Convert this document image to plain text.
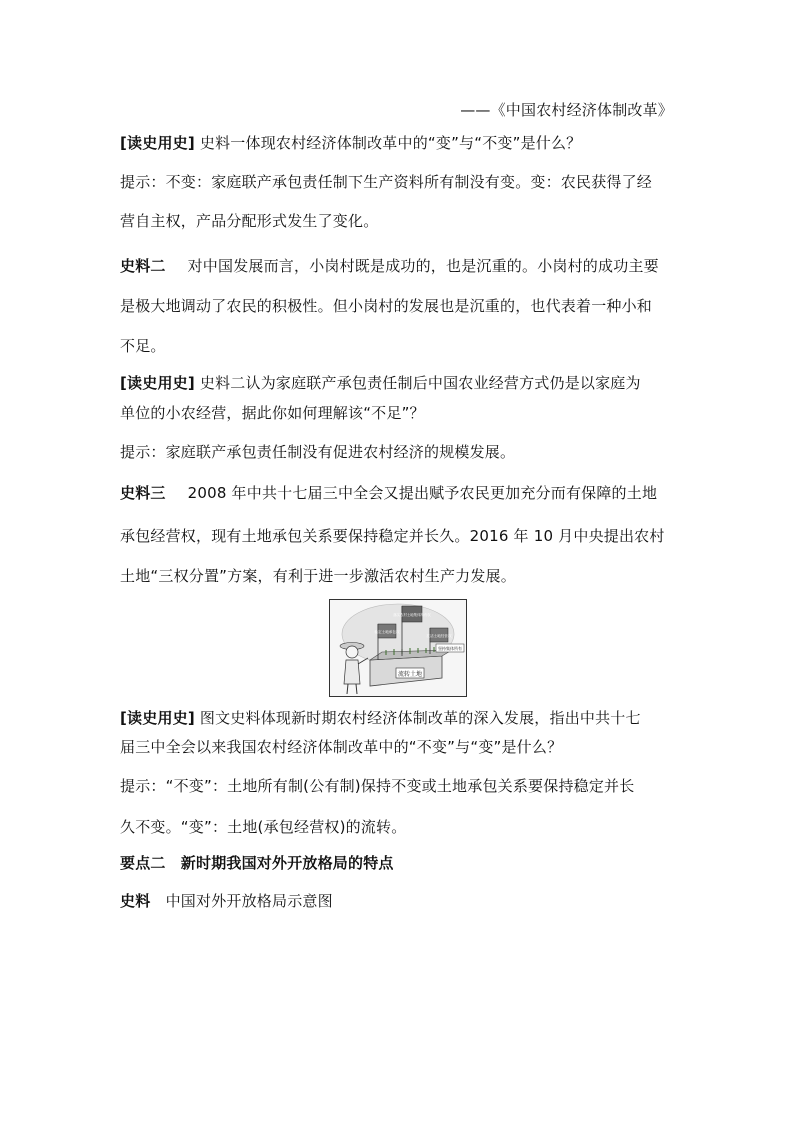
——《中国农村经济体制改革》
[读史用史] 史料一体现农村经济体制改革中的“变”与“不变”是什么？
提示：不变：家庭联产承包责任制下生产资料所有制没有变。变：农民获得了经
营自主权，产品分配形式发生了变化。
史料二 对中国发展而言，小岗村既是成功的，也是沉重的。小岗村的成功主要
是极大地调动了农民的积极性。但小岗村的发展也是沉重的，也代表着一种小和
不足。
[读史用史] 史料二认为家庭联产承包责任制后中国农业经营方式仍是以家庭为
单位的小农经营，据此你如何理解该“不足”？
提示：家庭联产承包责任制没有促进农村经济的规模发展。
史料三 2008 年中共十七届三中全会又提出赋予农民更加充分而有保障的土地
承包经营权，现有土地承包关系要保持稳定并长久。2016 年 10 月中央提出农村
土地“三权分置”方案，有利于进一步激活农村生产力发展。
流转土地
稳定土地承包权
落实农村土地集体所有权
放活土地经营权
坚持集体所有
[读史用史] 图文史料体现新时期农村经济体制改革的深入发展，指出中共十七
届三中全会以来我国农村经济体制改革中的“不变”与“变”是什么？
提示：“不变”：土地所有制(公有制)保持不变或土地承包关系要保持稳定并长
久不变。“变”：土地(承包经营权)的流转。
要点二　新时期我国对外开放格局的特点
史料　中国对外开放格局示意图
